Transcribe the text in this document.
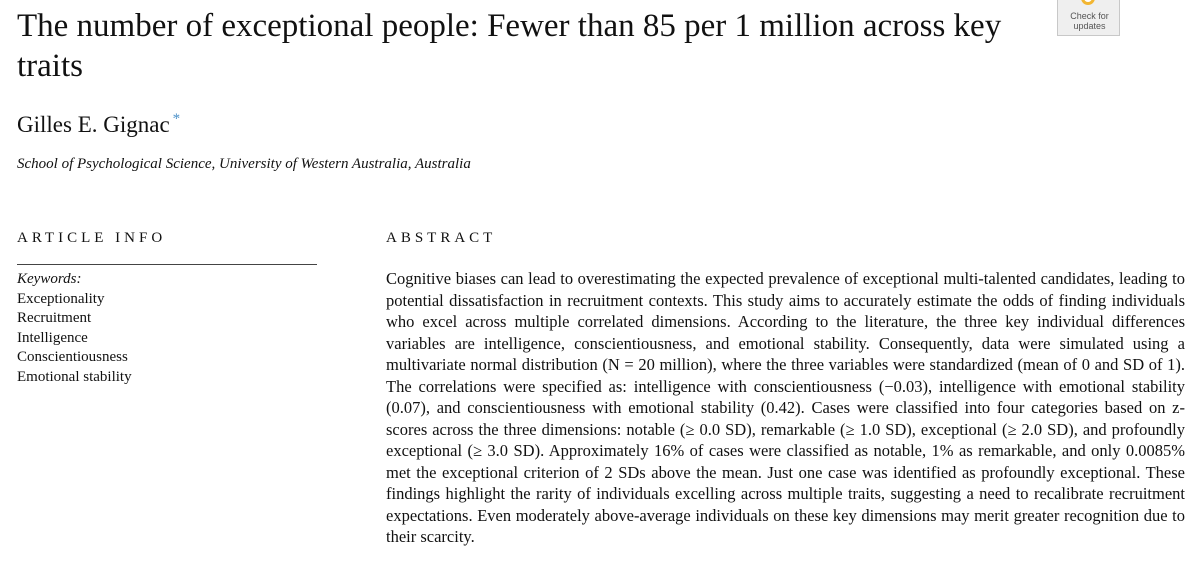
The number of exceptional people: Fewer than 85 per 1 million across key traits
Check for
updates
Gilles E. Gignac *
School of Psychological Science, University of Western Australia, Australia
ARTICLE INFO	ABSTRACT
Keywords:
Exceptionality
Recruitment
Intelligence
Conscientiousness
Emotional stability

Cognitive biases can lead to overestimating the expected prevalence of exceptional multi-talented candidates, leading to potential dissatisfaction in recruitment contexts. This study aims to accurately estimate the odds of finding individuals who excel across multiple correlated dimensions. According to the literature, the three key individual differences variables are intelligence, conscientiousness, and emotional stability. Consequently, data were simulated using a multivariate normal distribution (N = 20 million), where the three variables were standardized (mean of 0 and SD of 1). The correlations were specified as: intelligence with conscientiousness (−0.03), intelligence with emotional stability (0.07), and conscientiousness with emotional stability (0.42). Cases were classified into four categories based on z-scores across the three dimensions: notable (≥ 0.0 SD), remarkable (≥ 1.0 SD), exceptional (≥ 2.0 SD), and profoundly exceptional (≥ 3.0 SD). Approximately 16% of cases were classified as notable, 1% as remarkable, and only 0.0085% met the exceptional criterion of 2 SDs above the mean. Just one case was identified as profoundly exceptional. These findings highlight the rarity of individuals excelling across multiple traits, suggesting a need to recalibrate recruitment expectations. Even moderately above-average individuals on these key dimensions may merit greater recognition due to their scarcity.
